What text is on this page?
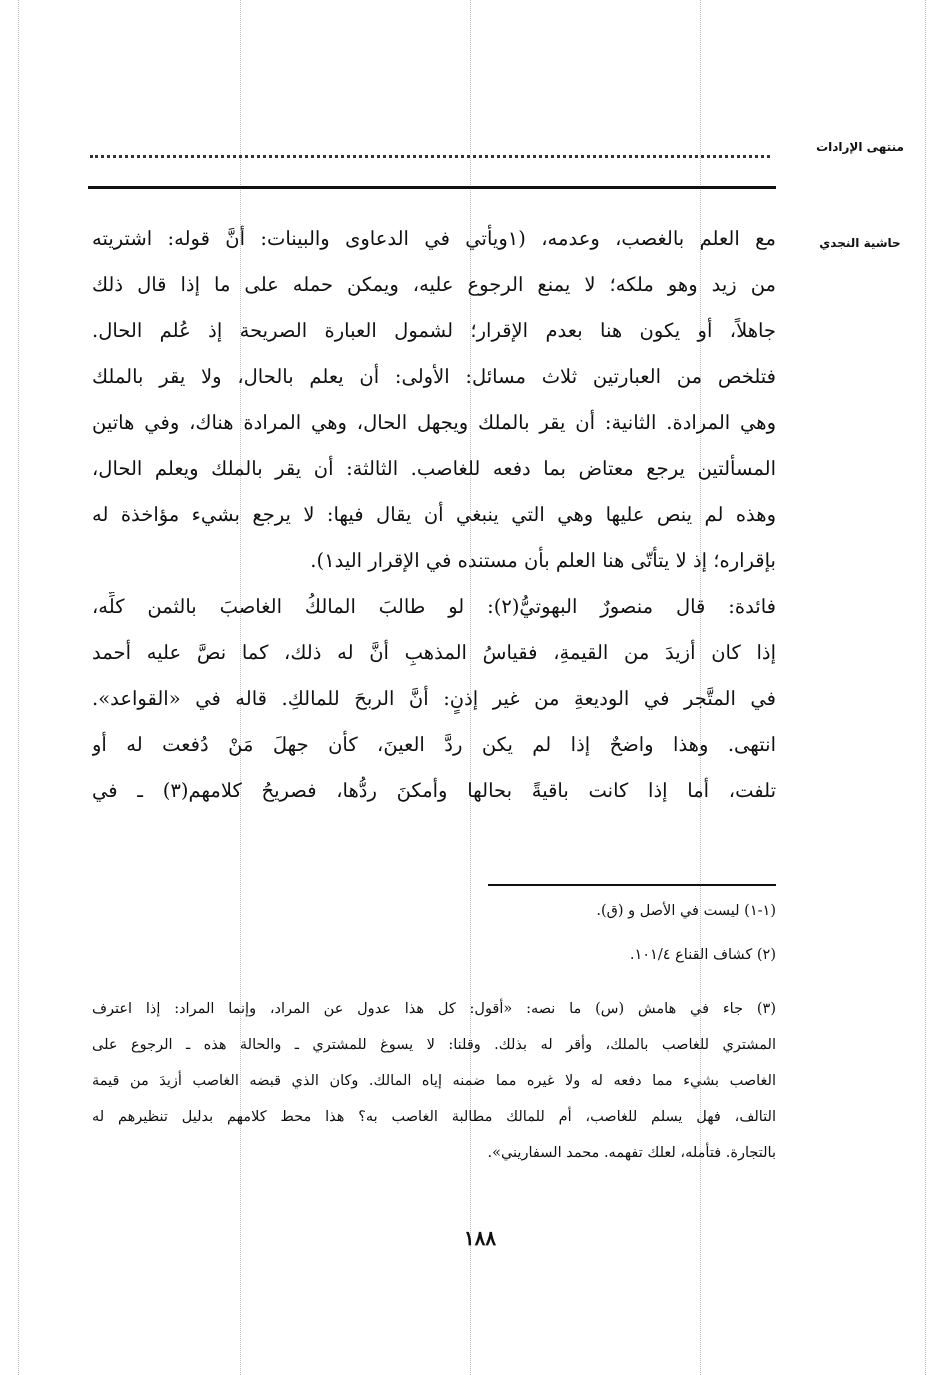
منتهى الإرادات
حاشية النجدي
مع العلم بالغصب، وعدمه، (١ويأتي في الدعاوى والبينات: أنَّ قوله: اشتريته
من زيد وهو ملكه؛ لا يمنع الرجوع عليه، ويمكن حمله على ما إذا قال ذلك
جاهلاً، أو يكون هنا بعدم الإقرار؛ لشمول العبارة الصريحة إذ عُلم الحال.
فتلخص من العبارتين ثلاث مسائل: الأولى: أن يعلم بالحال، ولا يقر بالملك
وهي المرادة. الثانية: أن يقر بالملك ويجهل الحال، وهي المرادة هناك، وفي هاتين
المسألتين يرجع معتاض بما دفعه للغاصب. الثالثة: أن يقر بالملك ويعلم الحال،
وهذه لم ينص عليها وهي التي ينبغي أن يقال فيها: لا يرجع بشيء مؤاخذة له
بإقراره؛ إذ لا يتأتّى هنا العلم بأن مستنده في الإقرار اليد١).
فائدة: قال منصورٌ البهوتيُّ(٢): لو طالبَ المالكُ الغاصبَ بالثمن كلِّه،
إذا كان أزيدَ من القيمةِ، فقياسُ المذهبِ أنَّ له ذلك، كما نصَّ عليه أحمد
في المتَّجر في الوديعةِ من غير إذنٍ: أنَّ الربحَ للمالكِ. قاله في «القواعد».
انتهى. وهذا واضحٌ إذا لم يكن ردَّ العينَ، كأن جهلَ مَنْ دُفعت له أو
تلفت، أما إذا كانت باقيةً بحالها وأمكنَ ردُّها، فصريحُ كلامهم(٣) ـ في
(١-١) ليست في الأصل و (ق).
(٢) كشاف القناع ١٠١/٤.
(٣) جاء في هامش (س) ما نصه: «أقول: كل هذا عدول عن المراد، وإنما المراد: إذا اعترف
المشتري للغاصب بالملك، وأقر له بذلك. وقلنا: لا يسوغ للمشتري ـ والحالة هذه ـ الرجوع على
الغاصب بشيء مما دفعه له ولا غيره مما ضمنه إياه المالك. وكان الذي قبضه الغاصب أزيدَ من قيمة
التالف، فهل يسلم للغاصب، أم للمالك مطالبة الغاصب به؟ هذا محط كلامهم بدليل تنظيرهم له
بالتجارة. فتأمله، لعلك تفهمه. محمد السفاريني».
١٨٨
